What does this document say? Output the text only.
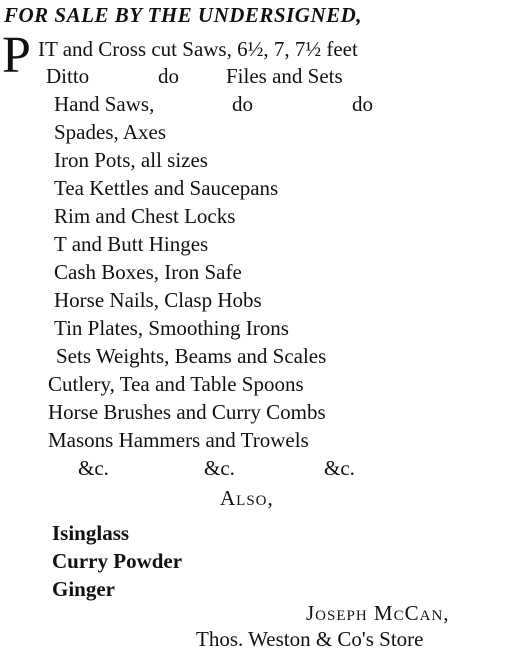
FOR SALE BY THE UNDERSIGNED,
P IT and Cross cut Saws, 6½, 7, 7½ feet
Ditto	do Files and Sets
Hand Saws,	do	do
Spades, Axes
Iron Pots, all sizes
Tea Kettles and Saucepans
Rim and Chest Locks
T and Butt Hinges
Cash Boxes, Iron Safe
Horse Nails, Clasp Hobs
Tin Plates, Smoothing Irons
Sets Weights, Beams and Scales
Cutlery, Tea and Table Spoons
Horse Brushes and Curry Combs
Masons Hammers and Trowels
&c.	&c.	&c.
Also,
Isinglass
Curry Powder
Ginger
Joseph McCan,
Thos. Weston & Co's Store
